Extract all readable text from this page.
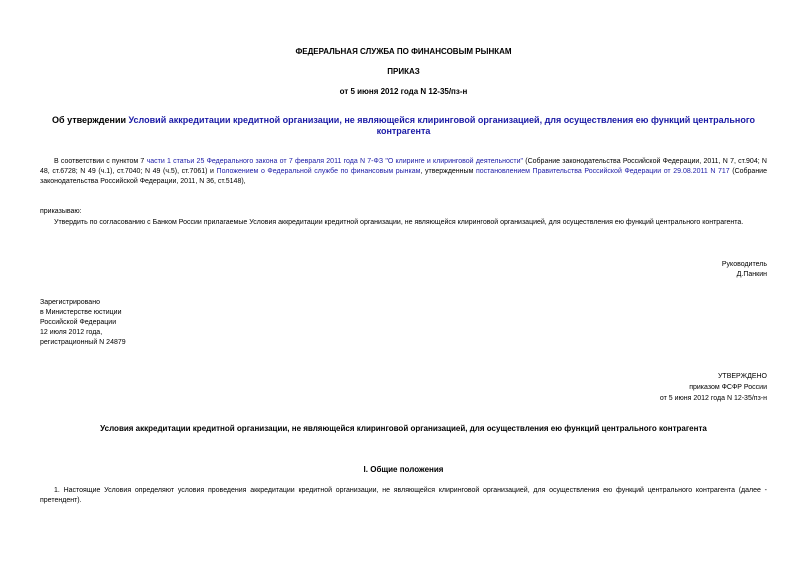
ФЕДЕРАЛЬНАЯ СЛУЖБА ПО ФИНАНСОВЫМ РЫНКАМ
ПРИКАЗ
от 5 июня 2012 года N 12-35/пз-н
Об утверждении Условий аккредитации кредитной организации, не являющейся клиринговой организацией, для осуществления ею функций центрального контрагента
В соответствии с пунктом 7 части 1 статьи 25 Федерального закона от 7 февраля 2011 года N 7-ФЗ "О клиринге и клиринговой деятельности" (Собрание законодательства Российской Федерации, 2011, N 7, ст.904; N 48, ст.6728; N 49 (ч.1), ст.7040; N 49 (ч.5), ст.7061) и Положением о Федеральной службе по финансовым рынкам, утвержденным постановлением Правительства Российской Федерации от 29.08.2011 N 717 (Собрание законодательства Российской Федерации, 2011, N 36, ст.5148),
приказываю:
Утвердить по согласованию с Банком России прилагаемые Условия аккредитации кредитной организации, не являющейся клиринговой организацией, для осуществления ею функций центрального контрагента.
Руководитель
Д.Панкин
Зарегистрировано
в Министерстве юстиции
Российской Федерации
12 июля 2012 года,
регистрационный N 24879
УТВЕРЖДЕНО
приказом ФСФР России
от 5 июня 2012 года N 12-35/пз-н
Условия аккредитации кредитной организации, не являющейся клиринговой организацией, для осуществления ею функций центрального контрагента
I. Общие положения
1. Настоящие Условия определяют условия проведения аккредитации кредитной организации, не являющейся клиринговой организацией, для осуществления ею функций центрального контрагента (далее - претендент).
